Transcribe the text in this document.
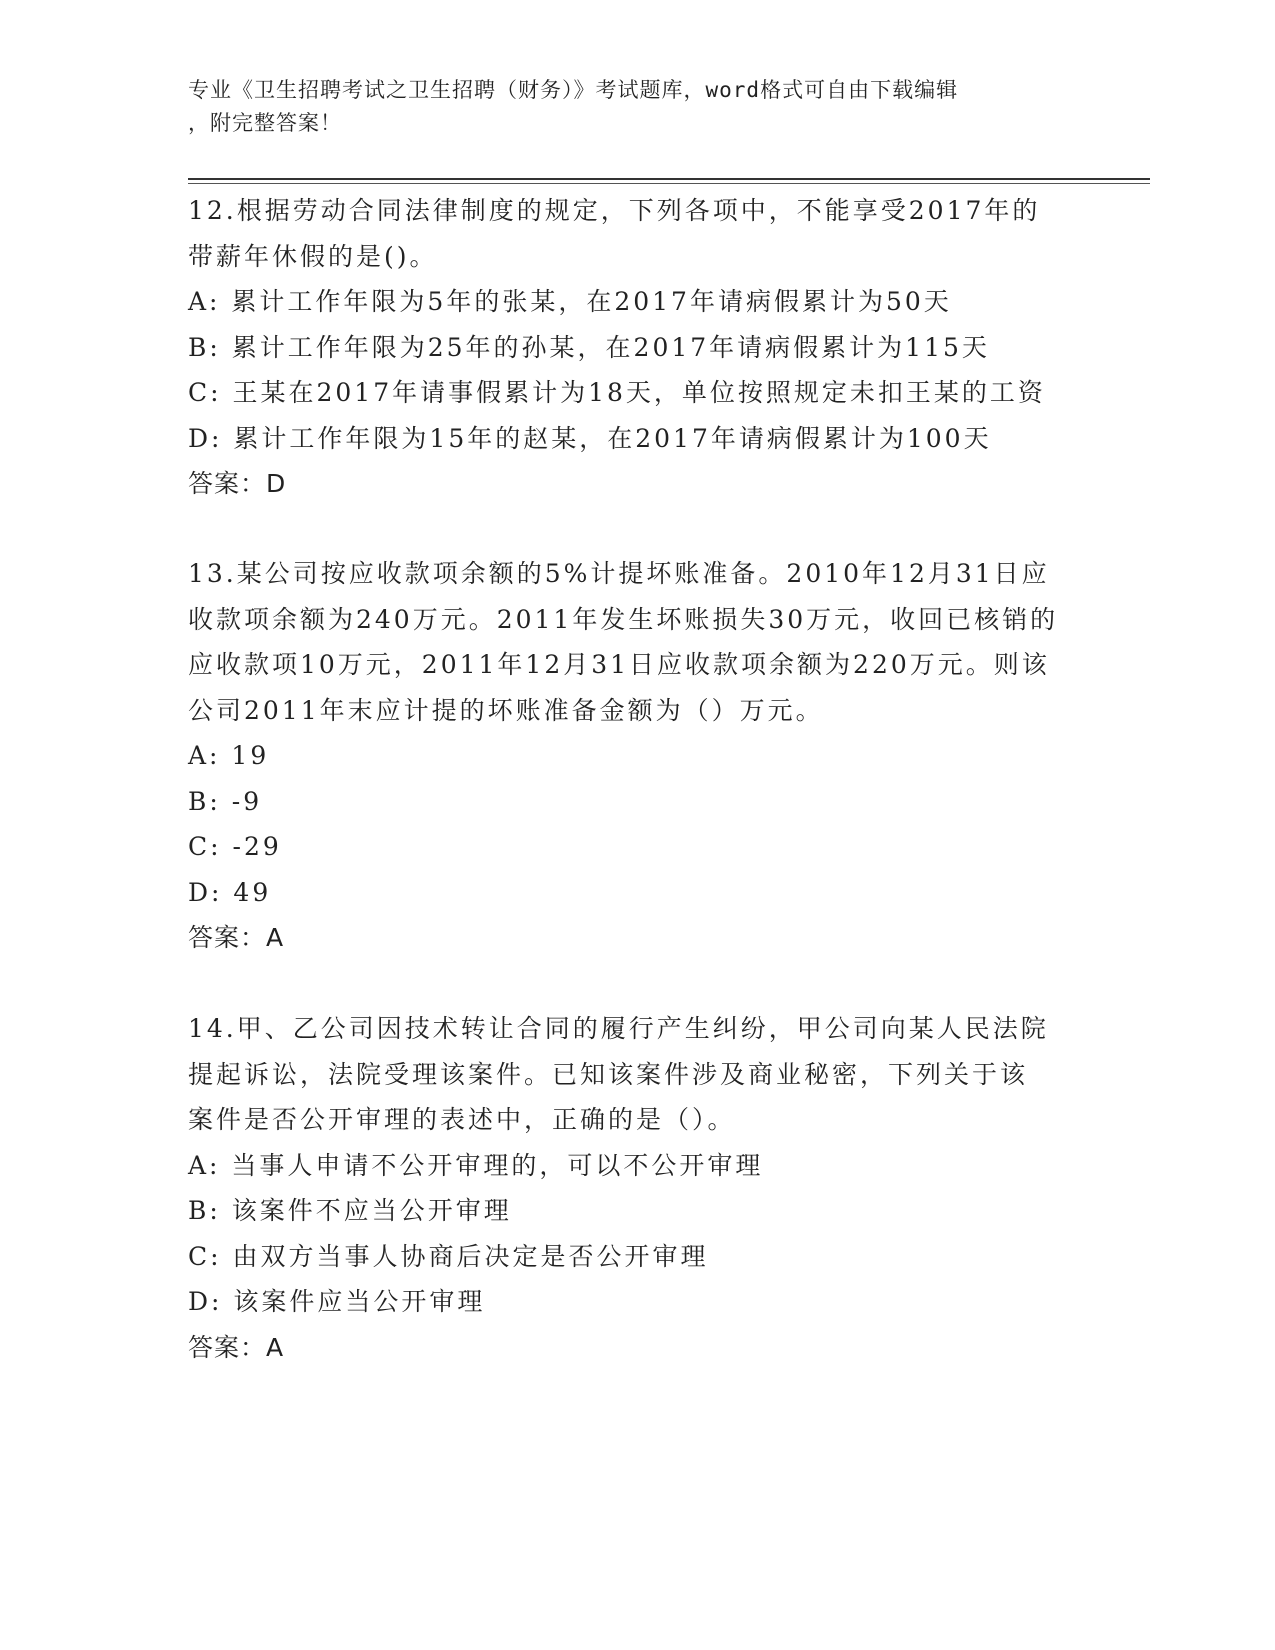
专业《卫生招聘考试之卫生招聘（财务）》考试题库，word格式可自由下载编辑
，附完整答案！

12.根据劳动合同法律制度的规定，下列各项中，不能享受2017年的

带薪年休假的是()。

A: 累计工作年限为5年的张某，在2017年请病假累计为50天

B: 累计工作年限为25年的孙某，在2017年请病假累计为115天

C: 王某在2017年请事假累计为18天，单位按照规定未扣王某的工资

D: 累计工作年限为15年的赵某，在2017年请病假累计为100天

答案：D

13.某公司按应收款项余额的5%计提坏账准备。2010年12月31日应

收款项余额为240万元。2011年发生坏账损失30万元，收回已核销的

应收款项10万元，2011年12月31日应收款项余额为220万元。则该

公司2011年末应计提的坏账准备金额为（）万元。

A: 19

B: -9

C: -29

D: 49

答案：A

14.甲、乙公司因技术转让合同的履行产生纠纷，甲公司向某人民法院

提起诉讼，法院受理该案件。已知该案件涉及商业秘密，下列关于该

案件是否公开审理的表述中，正确的是（）。

A: 当事人申请不公开审理的，可以不公开审理

B: 该案件不应当公开审理

C: 由双方当事人协商后决定是否公开审理

D: 该案件应当公开审理

答案：A
